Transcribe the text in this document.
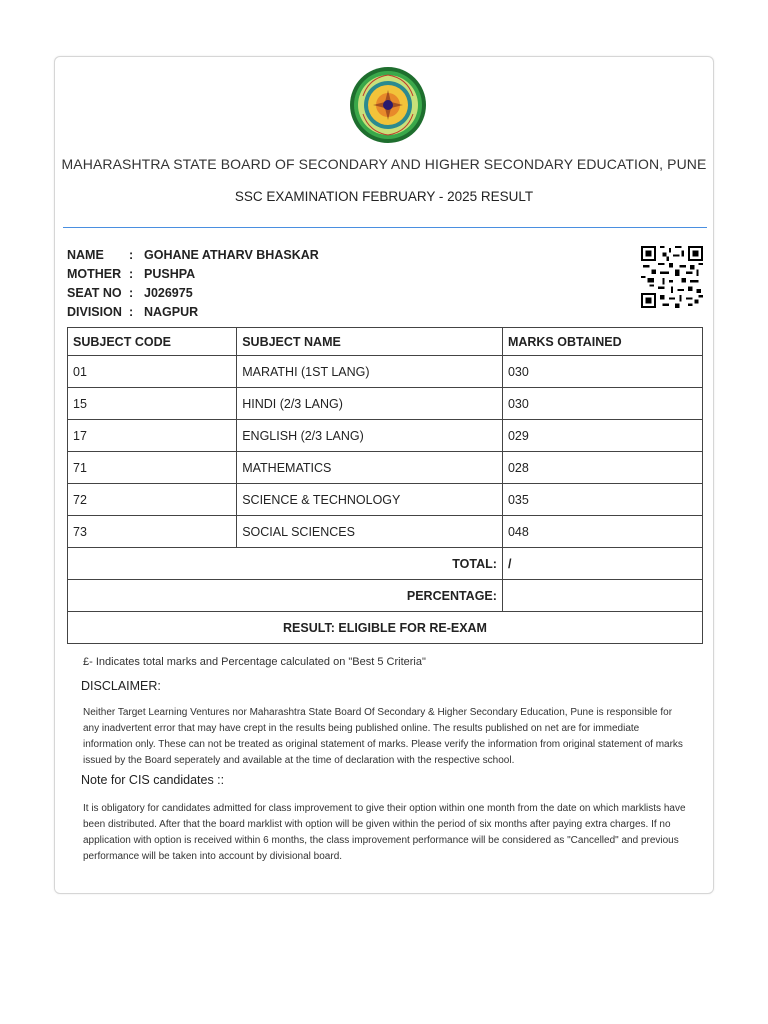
MAHARASHTRA STATE BOARD OF SECONDARY AND HIGHER SECONDARY EDUCATION, PUNE
SSC EXAMINATION FEBRUARY - 2025 RESULT
NAME : GOHANE ATHARV BHASKAR
MOTHER : PUSHPA
SEAT NO : J026975
DIVISION : NAGPUR
SUBJECT CODE	SUBJECT NAME	MARKS OBTAINED
01	MARATHI (1ST LANG)	030
15	HINDI (2/3 LANG)	030
17	ENGLISH (2/3 LANG)	029
71	MATHEMATICS	028
72	SCIENCE & TECHNOLOGY	035
73	SOCIAL SCIENCES	048
TOTAL:		/
PERCENTAGE:		
RESULT: ELIGIBLE FOR RE-EXAM		
£- Indicates total marks and Percentage calculated on "Best 5 Criteria"
DISCLAIMER:
Neither Target Learning Ventures nor Maharashtra State Board Of Secondary & Higher Secondary Education, Pune is responsible for any inadvertent error that may have crept in the results being published online. The results published on net are for immediate information only. These can not be treated as original statement of marks. Please verify the information from original statement of marks issued by the Board seperately and available at the time of declaration with the respective school.
Note for CIS candidates ::
It is obligatory for candidates admitted for class improvement to give their option within one month from the date on which marklists have been distributed. After that the board marklist with option will be given within the period of six months after paying extra charges. If no application with option is received within 6 months, the class improvement performance will be considered as "Cancelled" and previous performance will be taken into account by divisional board.
